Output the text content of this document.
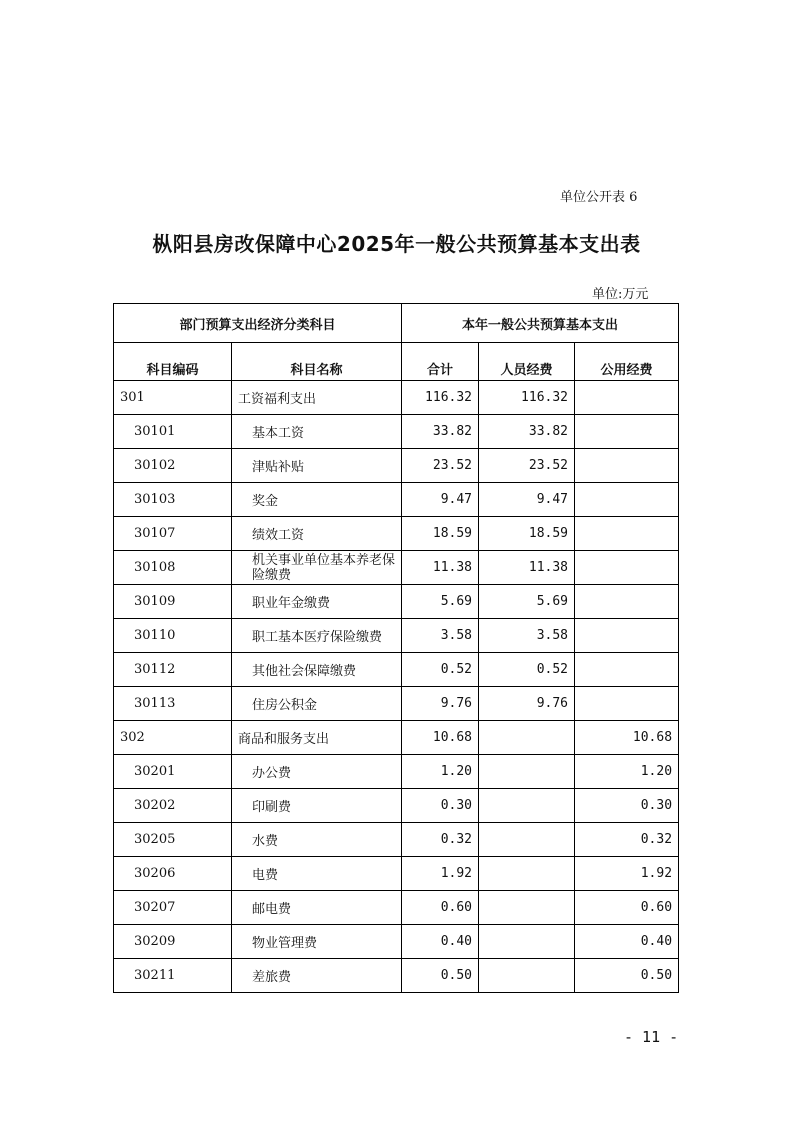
单位公开表 6
枞阳县房改保障中心2025年一般公共预算基本支出表
单位:万元
部门预算支出经济分类科目		本年一般公共预算基本支出		
科目编码	科目名称	合计	人员经费	公用经费
301	工资福利支出	116.32	116.32	
30101	基本工资	33.82	33.82	
30102	津贴补贴	23.52	23.52	
30103	奖金	9.47	9.47	
30107	绩效工资	18.59	18.59	
30108	机关事业单位基本养老保险缴费	11.38	11.38	
30109	职业年金缴费	5.69	5.69	
30110	职工基本医疗保险缴费	3.58	3.58	
30112	其他社会保障缴费	0.52	0.52	
30113	住房公积金	9.76	9.76	
302	商品和服务支出	10.68		10.68
30201	办公费	1.20		1.20
30202	印刷费	0.30		0.30
30205	水费	0.32		0.32
30206	电费	1.92		1.92
30207	邮电费	0.60		0.60
30209	物业管理费	0.40		0.40
30211	差旅费	0.50		0.50
- 11 -
